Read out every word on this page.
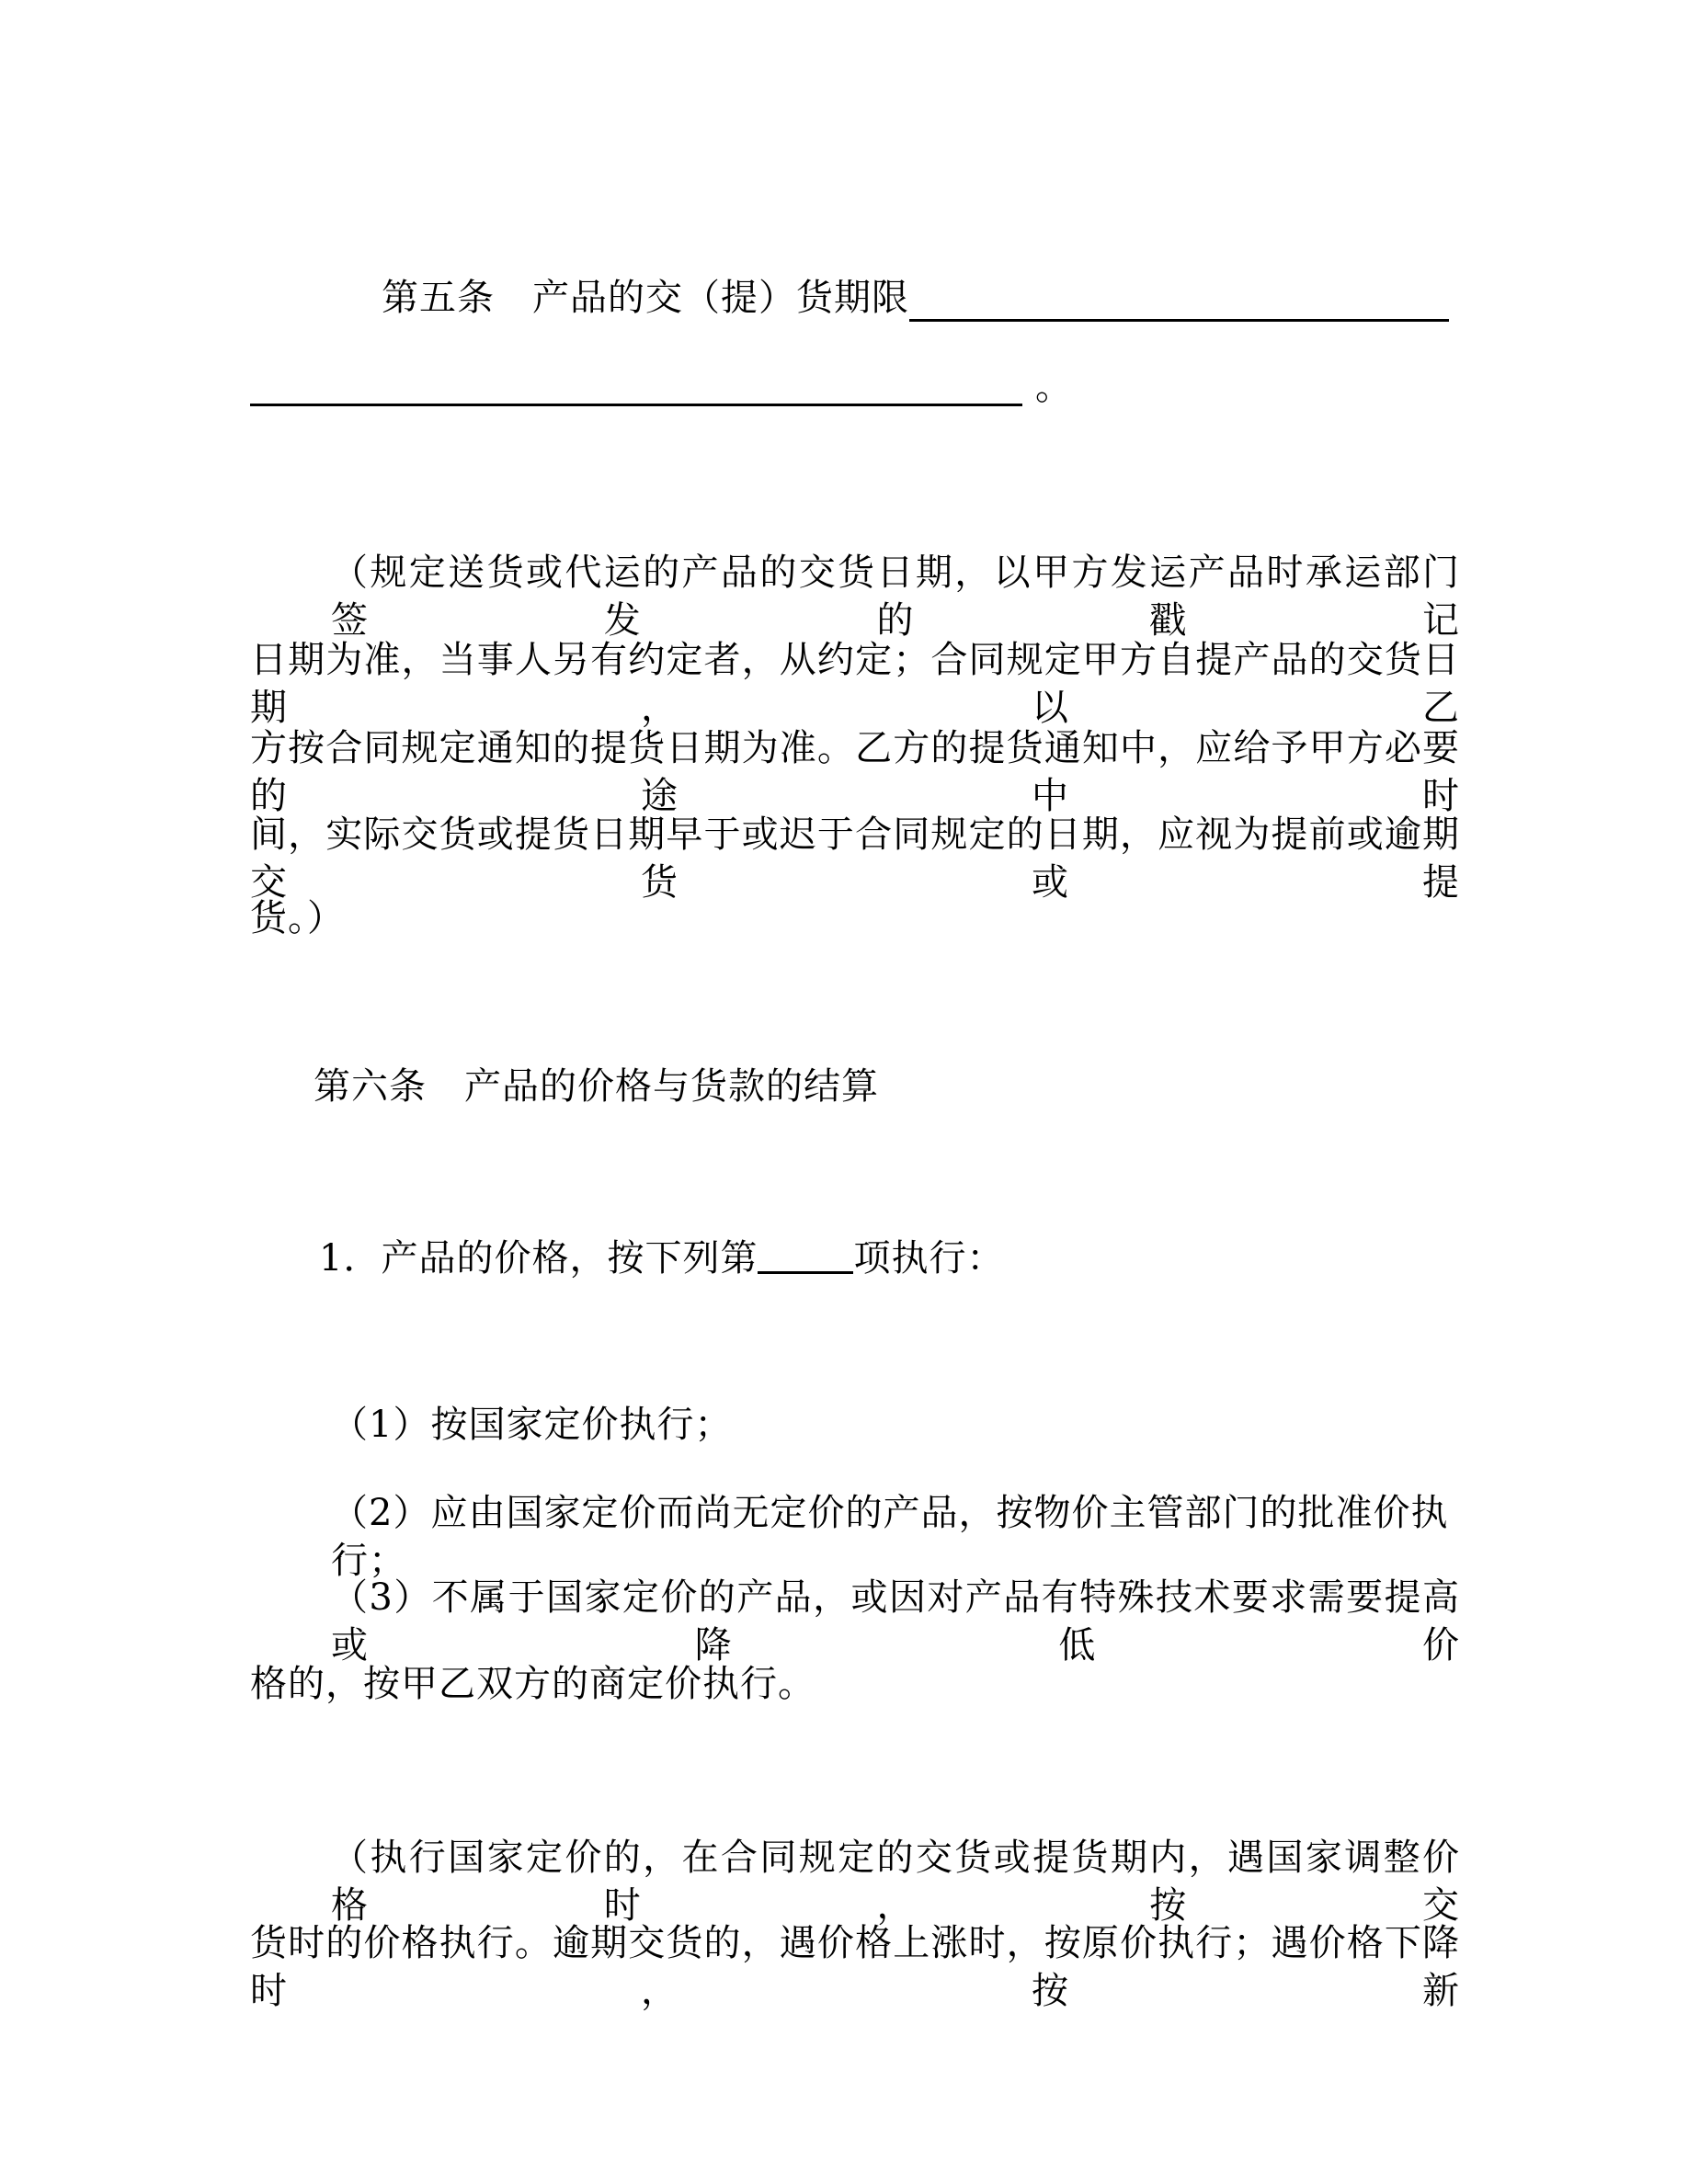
第五条　产品的交（提）货期限
。
（规定送货或代运的产品的交货日期，以甲方发运产品时承运部门签发的戳记
日期为准，当事人另有约定者，从约定；合同规定甲方自提产品的交货日期，以乙
方按合同规定通知的提货日期为准。乙方的提货通知中，应给予甲方必要的途中时
间，实际交货或提货日期早于或迟于合同规定的日期，应视为提前或逾期交货或提
货。）
第六条　产品的价格与货款的结算
1．产品的价格，按下列第	项执行：
（1）按国家定价执行；
（2）应由国家定价而尚无定价的产品，按物价主管部门的批准价执行；
（3）不属于国家定价的产品，或因对产品有特殊技术要求需要提高或降低价
格的，按甲乙双方的商定价执行。
（执行国家定价的，在合同规定的交货或提货期内，遇国家调整价格时，按交
货时的价格执行。逾期交货的，遇价格上涨时，按原价执行；遇价格下降时，按新
